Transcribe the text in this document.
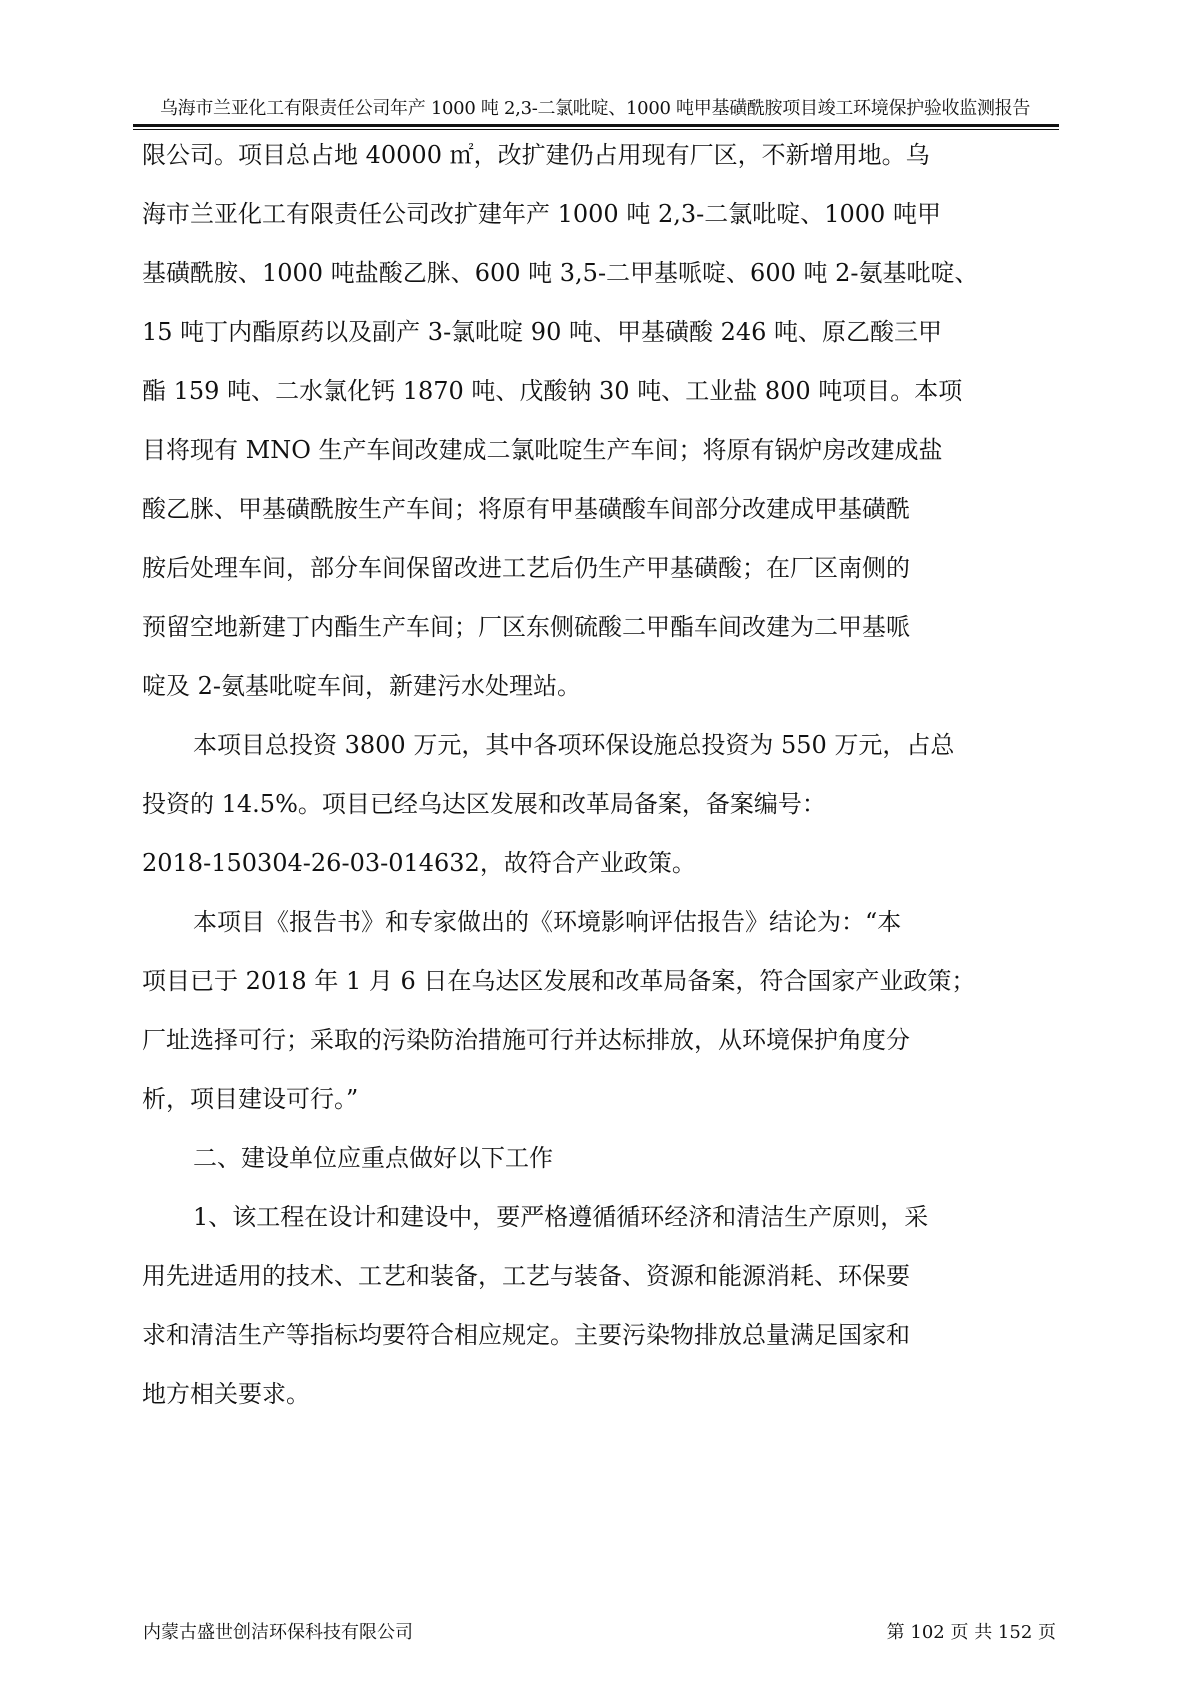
乌海市兰亚化工有限责任公司年产 1000 吨 2,3-二氯吡啶、1000 吨甲基磺酰胺项目竣工环境保护验收监测报告
限公司。项目总占地 40000 ㎡，改扩建仍占用现有厂区，不新增用地。乌
海市兰亚化工有限责任公司改扩建年产 1000 吨 2,3-二氯吡啶、1000 吨甲
基磺酰胺、1000 吨盐酸乙脒、600 吨 3,5-二甲基哌啶、600 吨 2-氨基吡啶、
15 吨丁内酯原药以及副产 3-氯吡啶 90 吨、甲基磺酸 246 吨、原乙酸三甲
酯 159 吨、二水氯化钙 1870 吨、戊酸钠 30 吨、工业盐 800 吨项目。本项
目将现有 MNO 生产车间改建成二氯吡啶生产车间；将原有锅炉房改建成盐
酸乙脒、甲基磺酰胺生产车间；将原有甲基磺酸车间部分改建成甲基磺酰
胺后处理车间，部分车间保留改进工艺后仍生产甲基磺酸；在厂区南侧的
预留空地新建丁内酯生产车间；厂区东侧硫酸二甲酯车间改建为二甲基哌
啶及 2-氨基吡啶车间，新建污水处理站。
本项目总投资 3800 万元，其中各项环保设施总投资为 550 万元，占总
投资的 14.5%。项目已经乌达区发展和改革局备案，备案编号：
2018-150304-26-03-014632，故符合产业政策。
本项目《报告书》和专家做出的《环境影响评估报告》结论为：“本
项目已于 2018 年 1 月 6 日在乌达区发展和改革局备案，符合国家产业政策；
厂址选择可行；采取的污染防治措施可行并达标排放，从环境保护角度分
析，项目建设可行。”
二、建设单位应重点做好以下工作
1、该工程在设计和建设中，要严格遵循循环经济和清洁生产原则，采
用先进适用的技术、工艺和装备，工艺与装备、资源和能源消耗、环保要
求和清洁生产等指标均要符合相应规定。主要污染物排放总量满足国家和
地方相关要求。
内蒙古盛世创洁环保科技有限公司	第 102 页 共 152 页
